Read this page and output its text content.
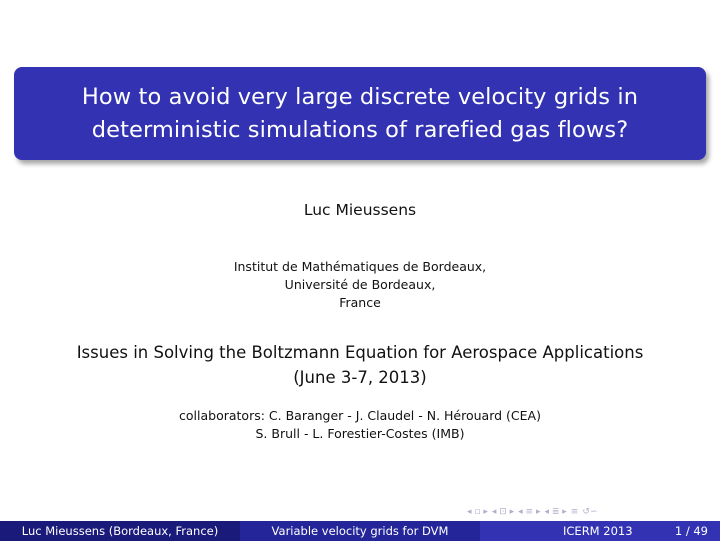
How to avoid very large discrete velocity grids in
deterministic simulations of rarefied gas flows?
Luc Mieussens
Institut de Mathématiques de Bordeaux,
Université de Bordeaux,
France
Issues in Solving the Boltzmann Equation for Aerospace Applications
(June 3-7, 2013)
collaborators: C. Baranger - J. Claudel - N. Hérouard (CEA)
S. Brull - L. Forestier-Costes (IMB)
◂ ▫ ▸ ◂ ⊡ ▸ ◂ ≡ ▸ ◂ ≣ ▸ ≡ ↺∽
Luc Mieussens (Bordeaux, France)	Variable velocity grids for DVM	ICERM 2013	1 / 49
